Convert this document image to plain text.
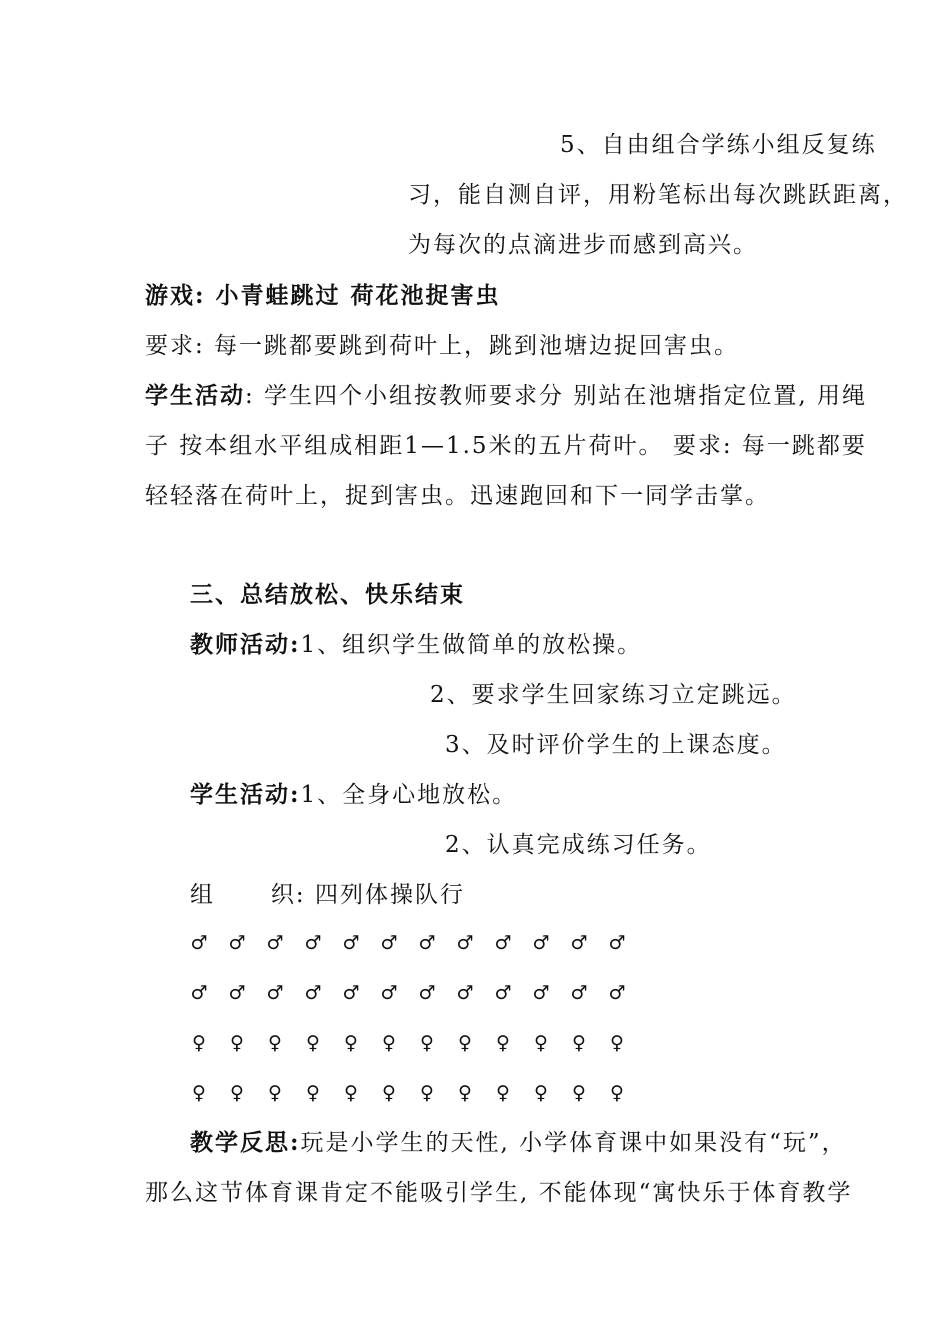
5、自由组合学练小组反复练
习，能自测自评，用粉笔标出每次跳跃距离，
为每次的点滴进步而感到高兴。
游戏: 小青蛙跳过 荷花池捉害虫
要求: 每一跳都要跳到荷叶上，跳到池塘边捉回害虫。
学生活动: 学生四个小组按教师要求分 别站在池塘指定位置, 用绳
子 按本组水平组成相距1—1.5米的五片荷叶。 要求: 每一跳都要
轻轻落在荷叶上，捉到害虫。迅速跑回和下一同学击掌。
三、总结放松、快乐结束
教师活动:1、组织学生做简单的放松操。
2、要求学生回家练习立定跳远。
3、及时评价学生的上课态度。
学生活动:1、全身心地放松。
2、认真完成练习任务。
组      织: 四列体操队行
♂ ♂ ♂ ♂ ♂ ♂ ♂ ♂ ♂ ♂ ♂ ♂
♂ ♂ ♂ ♂ ♂ ♂ ♂ ♂ ♂ ♂ ♂ ♂
♀ ♀ ♀ ♀ ♀ ♀ ♀ ♀ ♀ ♀ ♀ ♀
♀ ♀ ♀ ♀ ♀ ♀ ♀ ♀ ♀ ♀ ♀ ♀
教学反思:玩是小学生的天性, 小学体育课中如果没有“玩”，
那么这节体育课肯定不能吸引学生, 不能体现“寓快乐于体育教学
